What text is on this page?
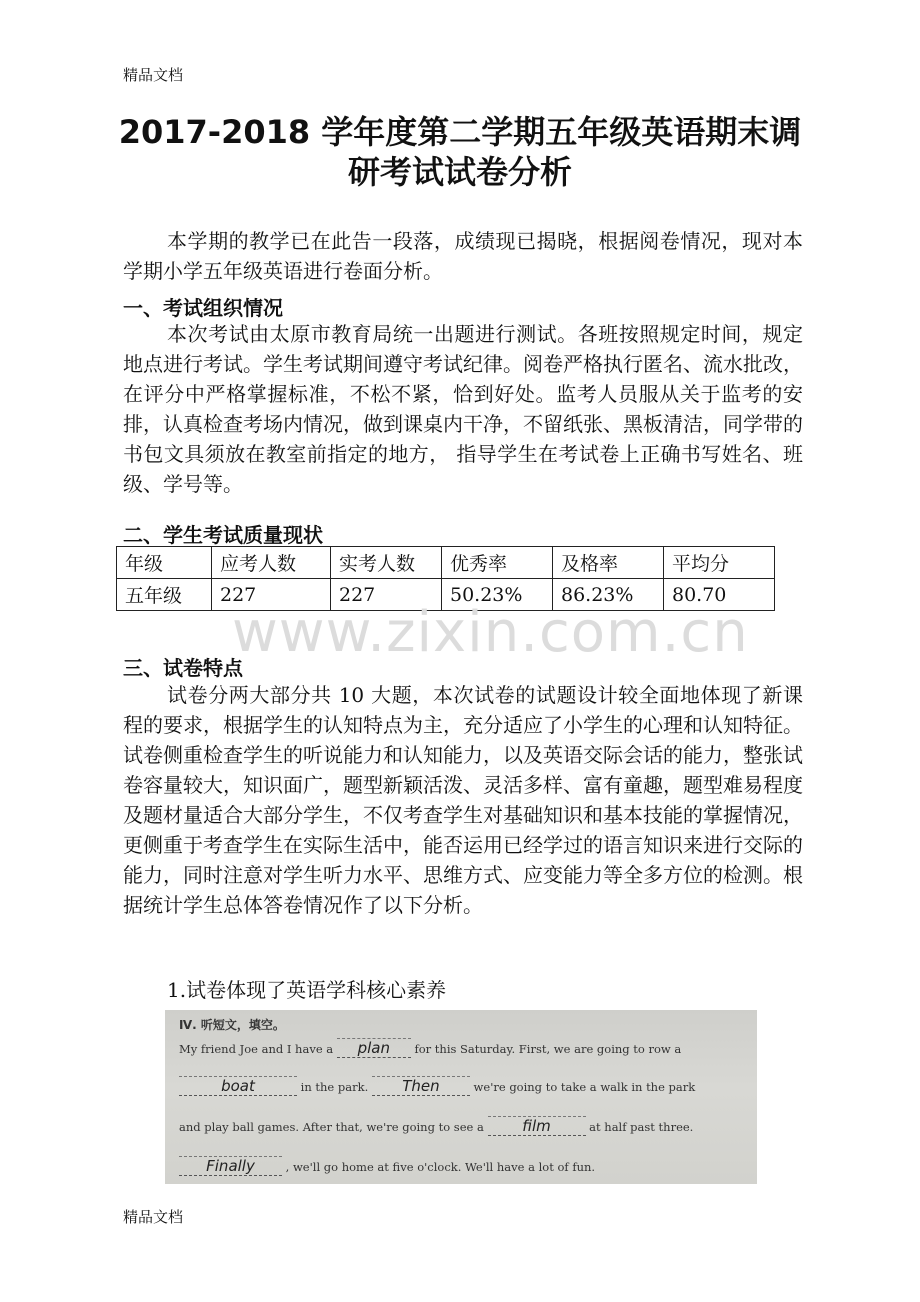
精品文档
2017-2018 学年度第二学期五年级英语期末调
研考试试卷分析
本学期的教学已在此告一段落，成绩现已揭晓，根据阅卷情况，现对本学期小学五年级英语进行卷面分析。
一、考试组织情况
本次考试由太原市教育局统一出题进行测试。各班按照规定时间，规定地点进行考试。学生考试期间遵守考试纪律。阅卷严格执行匿名、流水批改，在评分中严格掌握标准，不松不紧，恰到好处。监考人员服从关于监考的安排，认真检查考场内情况，做到课桌内干净，不留纸张、黑板清洁，同学带的书包文具须放在教室前指定的地方， 指导学生在考试卷上正确书写姓名、班级、学号等。
二、学生考试质量现状
年级	应考人数	实考人数	优秀率	及格率	平均分
五年级	227	227	50.23%	86.23%	80.70
www.zixin.com.cn
三、试卷特点
试卷分两大部分共 10 大题，本次试卷的试题设计较全面地体现了新课程的要求，根据学生的认知特点为主，充分适应了小学生的心理和认知特征。试卷侧重检查学生的听说能力和认知能力，以及英语交际会话的能力，整张试卷容量较大，知识面广，题型新颖活泼、灵活多样、富有童趣，题型难易程度及题材量适合大部分学生，不仅考查学生对基础知识和基本技能的掌握情况，更侧重于考查学生在实际生活中，能否运用已经学过的语言知识来进行交际的能力，同时注意对学生听力水平、思维方式、应变能力等全多方位的检测。根据统计学生总体答卷情况作了以下分析。
1.试卷体现了英语学科核心素养
Ⅳ. 听短文，填空。
My friend Joe and I have a plan for this Saturday. First, we are going to row a
boat	in the park. Then	we're going to take a walk in the park
and play ball games. After that, we're going to see a	film	at half past three.
Finally	, we'll go home at five o'clock. We'll have a lot of fun.
精品文档
